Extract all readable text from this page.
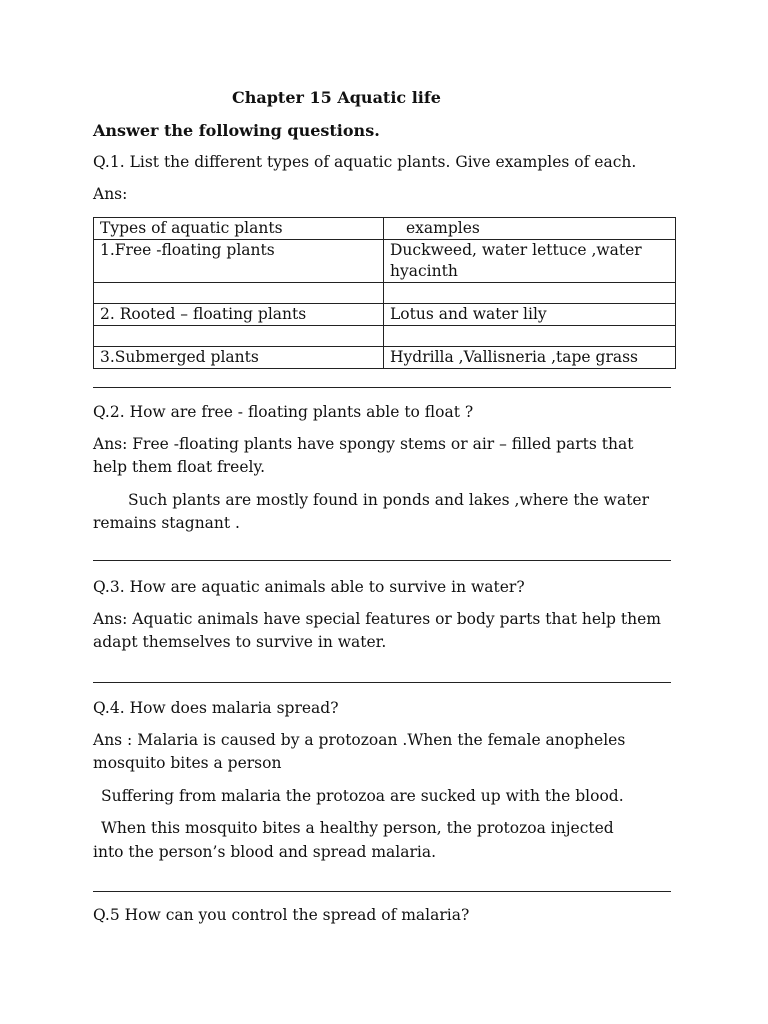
Chapter 15 Aquatic life
Answer the following questions.
Q.1. List the different types of aquatic plants. Give examples of each.
Ans:
Types of aquatic plants	examples
1.Free -floating plants	Duckweed, water lettuce ,water hyacinth

2. Rooted – floating plants	Lotus and water lily

3.Submerged plants	Hydrilla ,Vallisneria ,tape grass
Q.2. How are free - floating plants able to float ?
Ans: Free -floating plants have spongy stems or air – filled parts that
help them float freely.
Such plants are mostly found in ponds and lakes ,where the water
remains stagnant .
Q.3. How are aquatic animals able to survive in water?
Ans: Aquatic animals have special features or body parts that help them
adapt themselves to survive in water.
Q.4. How does malaria spread?
Ans : Malaria is caused by a protozoan .When the female anopheles
mosquito bites a person
Suffering from malaria the protozoa are sucked up with the blood.
When this mosquito bites a healthy person, the protozoa injected
into the person’s blood and spread malaria.
Q.5 How can you control the spread of malaria?
